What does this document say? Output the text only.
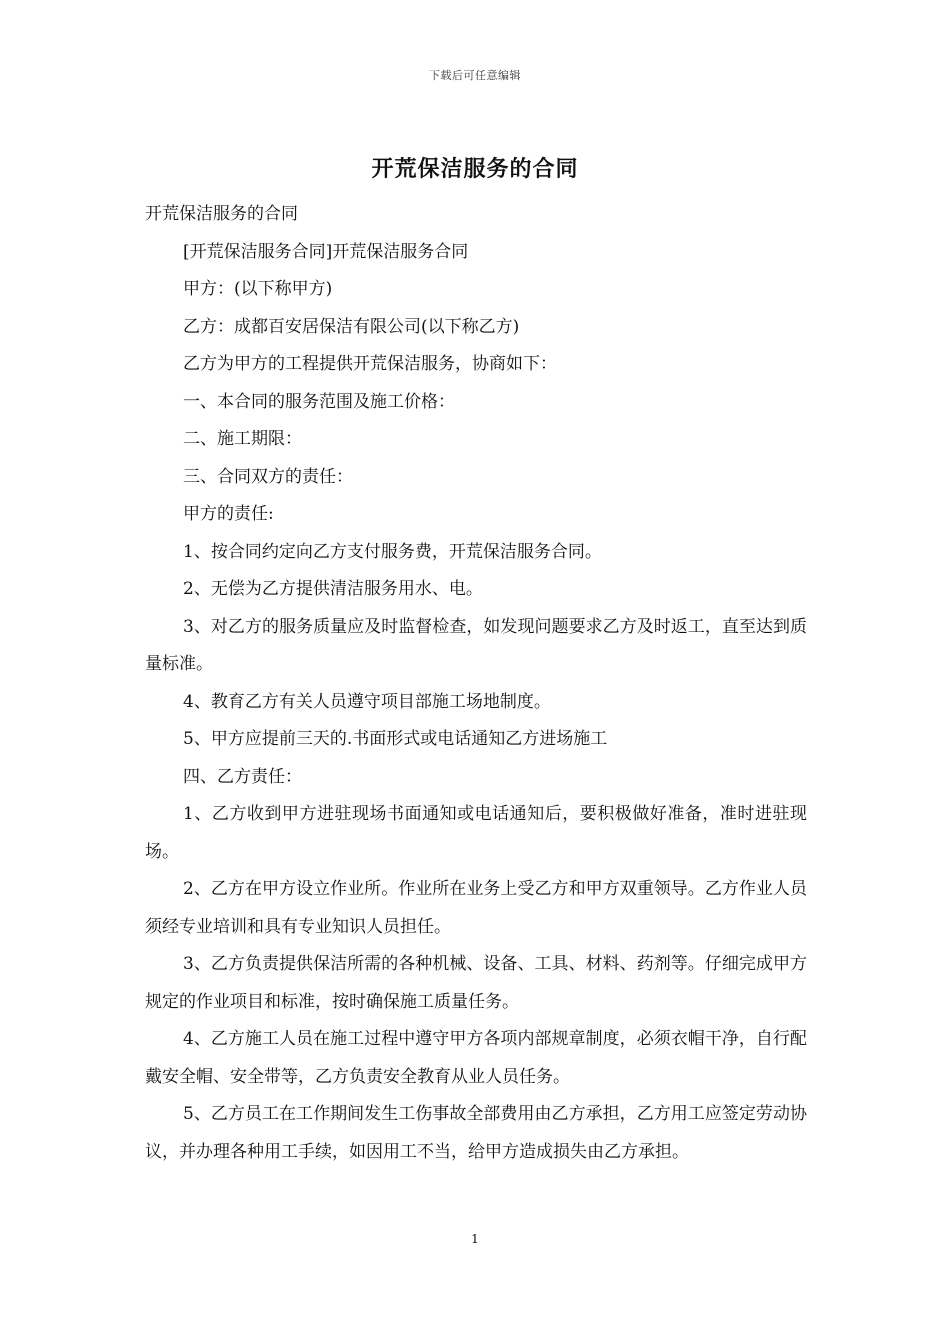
下载后可任意编辑
开荒保洁服务的合同

开荒保洁服务的合同

[开荒保洁服务合同]开荒保洁服务合同

甲方：(以下称甲方)

乙方：成都百安居保洁有限公司(以下称乙方)

乙方为甲方的工程提供开荒保洁服务，协商如下：

一、本合同的服务范围及施工价格：

二、施工期限：

三、合同双方的责任：

甲方的责任:

1、按合同约定向乙方支付服务费，开荒保洁服务合同。

2、无偿为乙方提供清洁服务用水、电。

3、对乙方的服务质量应及时监督检查，如发现问题要求乙方及时返工，直至达到质量标准。

4、教育乙方有关人员遵守项目部施工场地制度。

5、甲方应提前三天的.书面形式或电话通知乙方进场施工

四、乙方责任：

1、乙方收到甲方进驻现场书面通知或电话通知后，要积极做好准备，准时进驻现场。

2、乙方在甲方设立作业所。作业所在业务上受乙方和甲方双重领导。乙方作业人员须经专业培训和具有专业知识人员担任。

3、乙方负责提供保洁所需的各种机械、设备、工具、材料、药剂等。仔细完成甲方规定的作业项目和标准，按时确保施工质量任务。

4、乙方施工人员在施工过程中遵守甲方各项内部规章制度，必须衣帽干净，自行配戴安全帽、安全带等，乙方负责安全教育从业人员任务。

5、乙方员工在工作期间发生工伤事故全部费用由乙方承担，乙方用工应签定劳动协议，并办理各种用工手续，如因用工不当，给甲方造成损失由乙方承担。

1
